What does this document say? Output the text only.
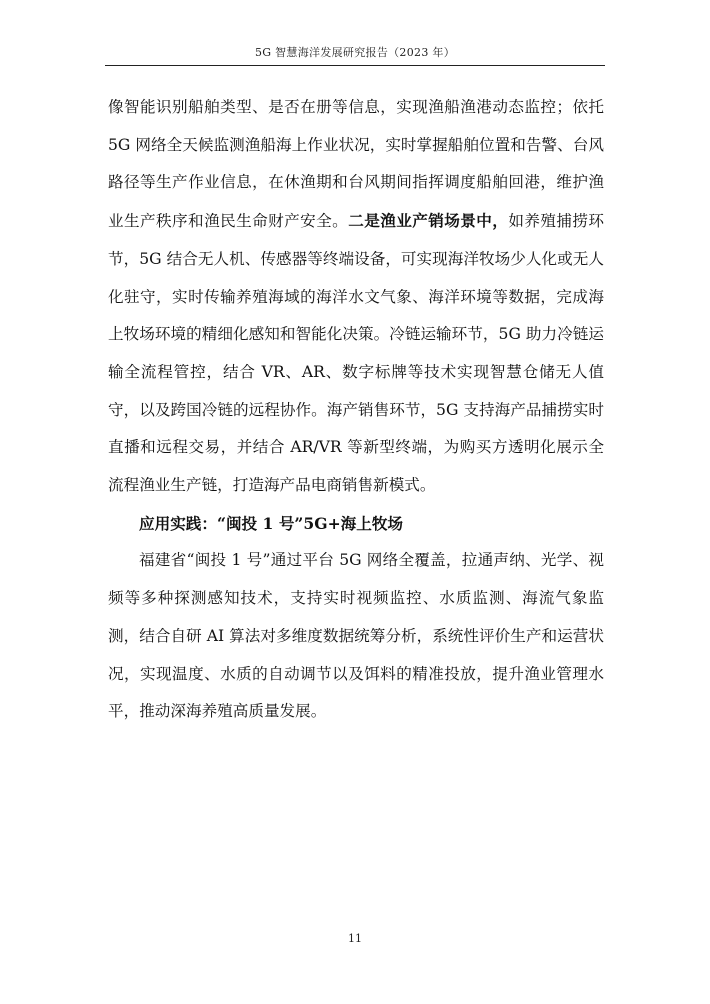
5G 智慧海洋发展研究报告（2023 年）

像智能识别船舶类型、是否在册等信息，实现渔船渔港动态监控；依托 5G 网络全天候监测渔船海上作业状况，实时掌握船舶位置和告警、台风路径等生产作业信息，在休渔期和台风期间指挥调度船舶回港，维护渔业生产秩序和渔民生命财产安全。二是渔业产销场景中，如养殖捕捞环节，5G 结合无人机、传感器等终端设备，可实现海洋牧场少人化或无人化驻守，实时传输养殖海域的海洋水文气象、海洋环境等数据，完成海上牧场环境的精细化感知和智能化决策。冷链运输环节，5G 助力冷链运输全流程管控，结合 VR、AR、数字标牌等技术实现智慧仓储无人值守，以及跨国冷链的远程协作。海产销售环节，5G 支持海产品捕捞实时直播和远程交易，并结合 AR/VR 等新型终端，为购买方透明化展示全流程渔业生产链，打造海产品电商销售新模式。

应用实践：“闽投 1 号”5G+海上牧场

福建省“闽投 1 号”通过平台 5G 网络全覆盖，拉通声纳、光学、视频等多种探测感知技术，支持实时视频监控、水质监测、海流气象监测，结合自研 AI 算法对多维度数据统筹分析，系统性评价生产和运营状况，实现温度、水质的自动调节以及饵料的精准投放，提升渔业管理水平，推动深海养殖高质量发展。

11
